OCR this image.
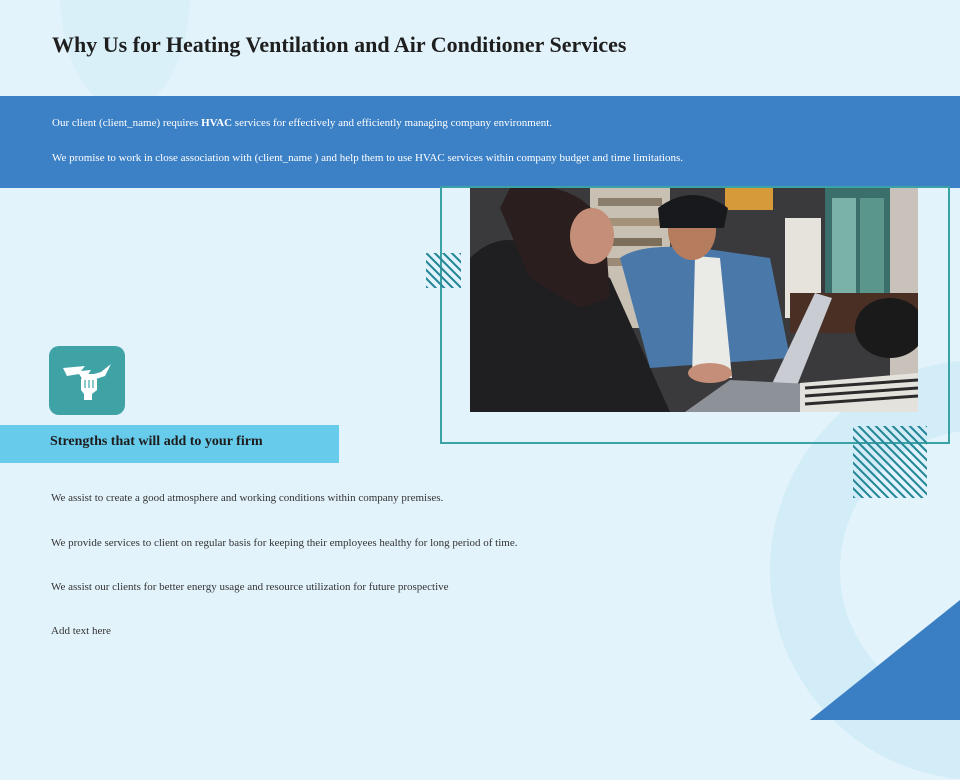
Why Us for Heating Ventilation and Air Conditioner Services

Our client (client_name) requires HVAC services for effectively and efficiently managing company environment.

We promise to work in close association with (client_name ) and help them to use HVAC services within company budget and time limitations.

Strengths that will add to your firm

We assist to create a good atmosphere and working conditions within company premises.

We provide services to client on regular basis for keeping their employees healthy for long period of time.

We assist our clients for better energy usage and resource utilization for future prospective

Add text here
